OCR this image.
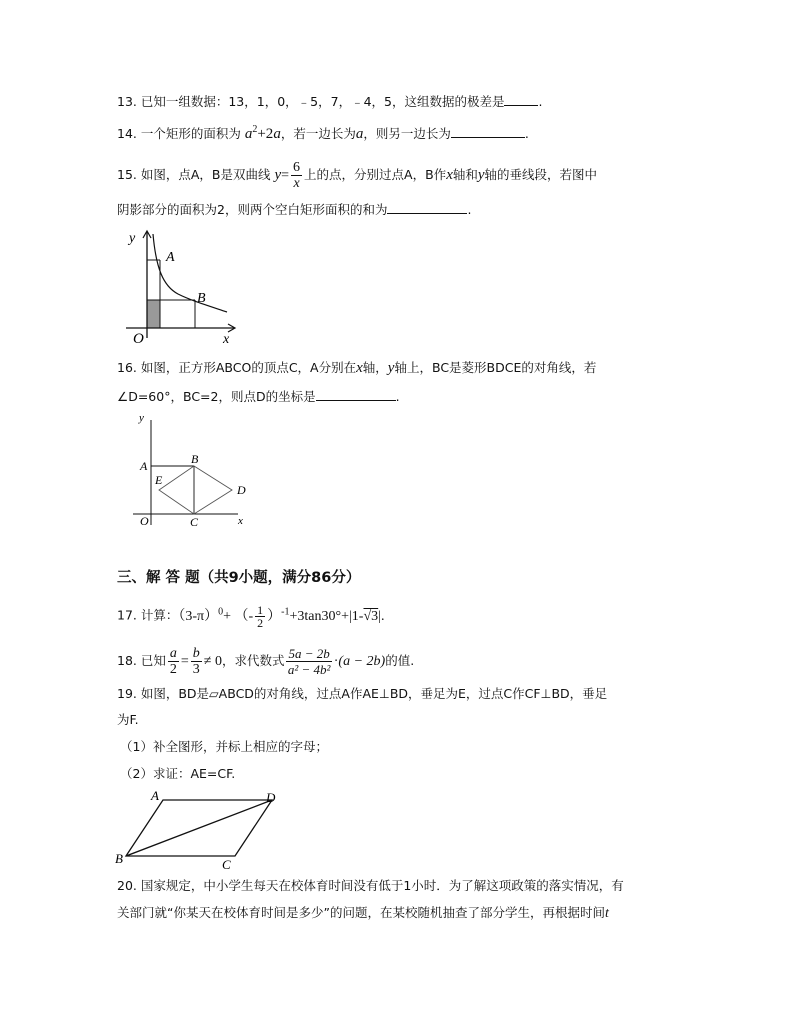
13. 已知一组数据：13，1，0，﹣5，7，﹣4，5，这组数据的极差是	.
14. 一个矩形的面积为 $a^2+2a$，若一边长为a，则另一边长为	.
15. 如图，点A，B是双曲线 $y= \frac{6}{x}$ 上的点，分别过点A，B作x轴和y轴的垂线段，若图中
阴影部分的面积为2，则两个空白矩形面积的和为	.
y
x
O
A
B
16. 如图，正方形ABCO的顶点C，A分别在x轴，y轴上，BC是菱形BDCE的对角线，若
∠D=60°，BC=2，则点D的坐标是	.
y
x
O
A	B
C
D
E
三、解 答 题（共9小题，满分86分）
17. 计算：$(3-\pi)^0+$ （- $\frac{1}{2} )^{-1}+3\tan 30^\circ+|1-√3|$.
18. 已知 $\frac{a}{2} = \frac{b}{3} \ne 0$，求代数式 $\frac{5a - 2b}{\text{a² − 4b²}} \cdot(a - 2b)$的值.
19. 如图，BD是▱ABCD的对角线，过点A作AE⊥BD，垂足为E，过点C作CF⊥BD，垂足
为F.
（1）补全图形，并标上相应的字母；
（2）求证：AE=CF.
A	D
B	C
20. 国家规定，中小学生每天在校体育时间没有低于1小时．为了解这项政策的落实情况，有
关部门就“你某天在校体育时间是多少”的问题，在某校随机抽查了部分学生，再根据时间t
